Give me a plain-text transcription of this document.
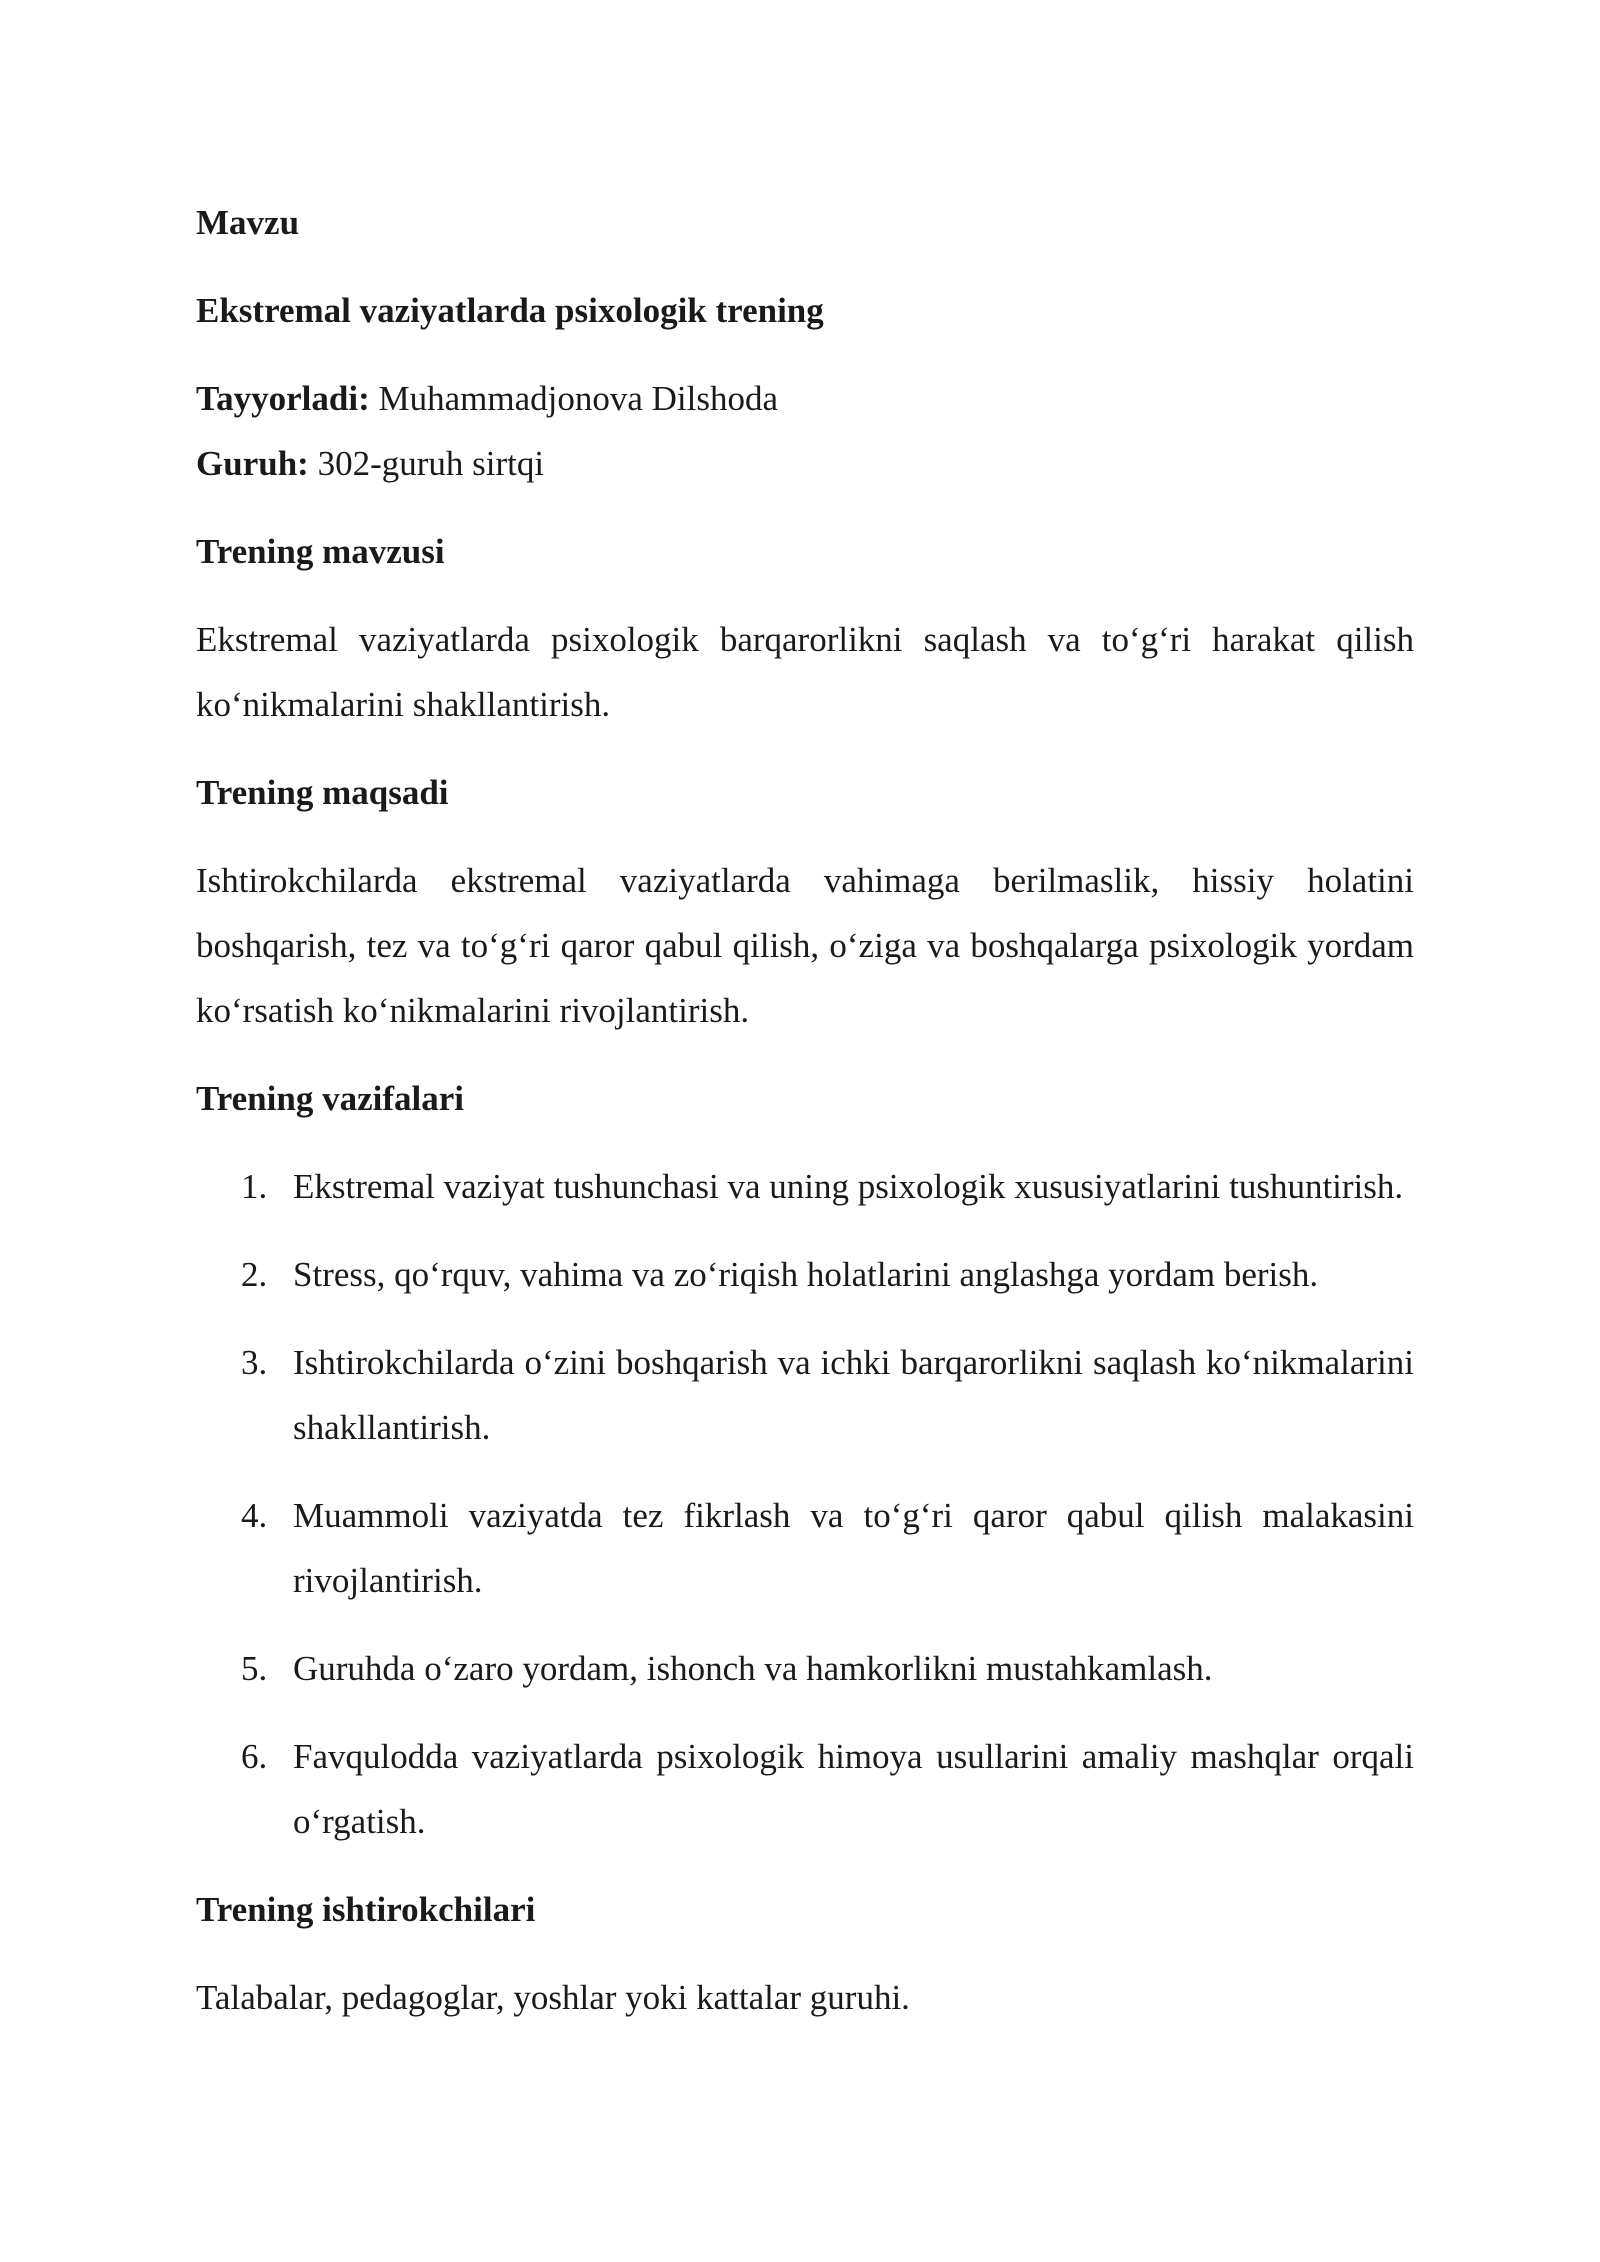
Mavzu

Ekstremal vaziyatlarda psixologik trening

Tayyorladi: Muhammadjonova Dilshoda

Guruh: 302-guruh sirtqi

Trening mavzusi

Ekstremal vaziyatlarda psixologik barqarorlikni saqlash va to‘g‘ri harakat qilish ko‘nikmalarini shakllantirish.

Trening maqsadi

Ishtirokchilarda ekstremal vaziyatlarda vahimaga berilmaslik, hissiy holatini boshqarish, tez va to‘g‘ri qaror qabul qilish, o‘ziga va boshqalarga psixologik yordam ko‘rsatish ko‘nikmalarini rivojlantirish.

Trening vazifalari

1. Ekstremal vaziyat tushunchasi va uning psixologik xususiyatlarini tushuntirish.
2. Stress, qo‘rquv, vahima va zo‘riqish holatlarini anglashga yordam berish.
3. Ishtirokchilarda o‘zini boshqarish va ichki barqarorlikni saqlash ko‘nikmalarini shakllantirish.
4. Muammoli vaziyatda tez fikrlash va to‘g‘ri qaror qabul qilish malakasini rivojlantirish.
5. Guruhda o‘zaro yordam, ishonch va hamkorlikni mustahkamlash.
6. Favqulodda vaziyatlarda psixologik himoya usullarini amaliy mashqlar orqali o‘rgatish.

Trening ishtirokchilari

Talabalar, pedagoglar, yoshlar yoki kattalar guruhi.
